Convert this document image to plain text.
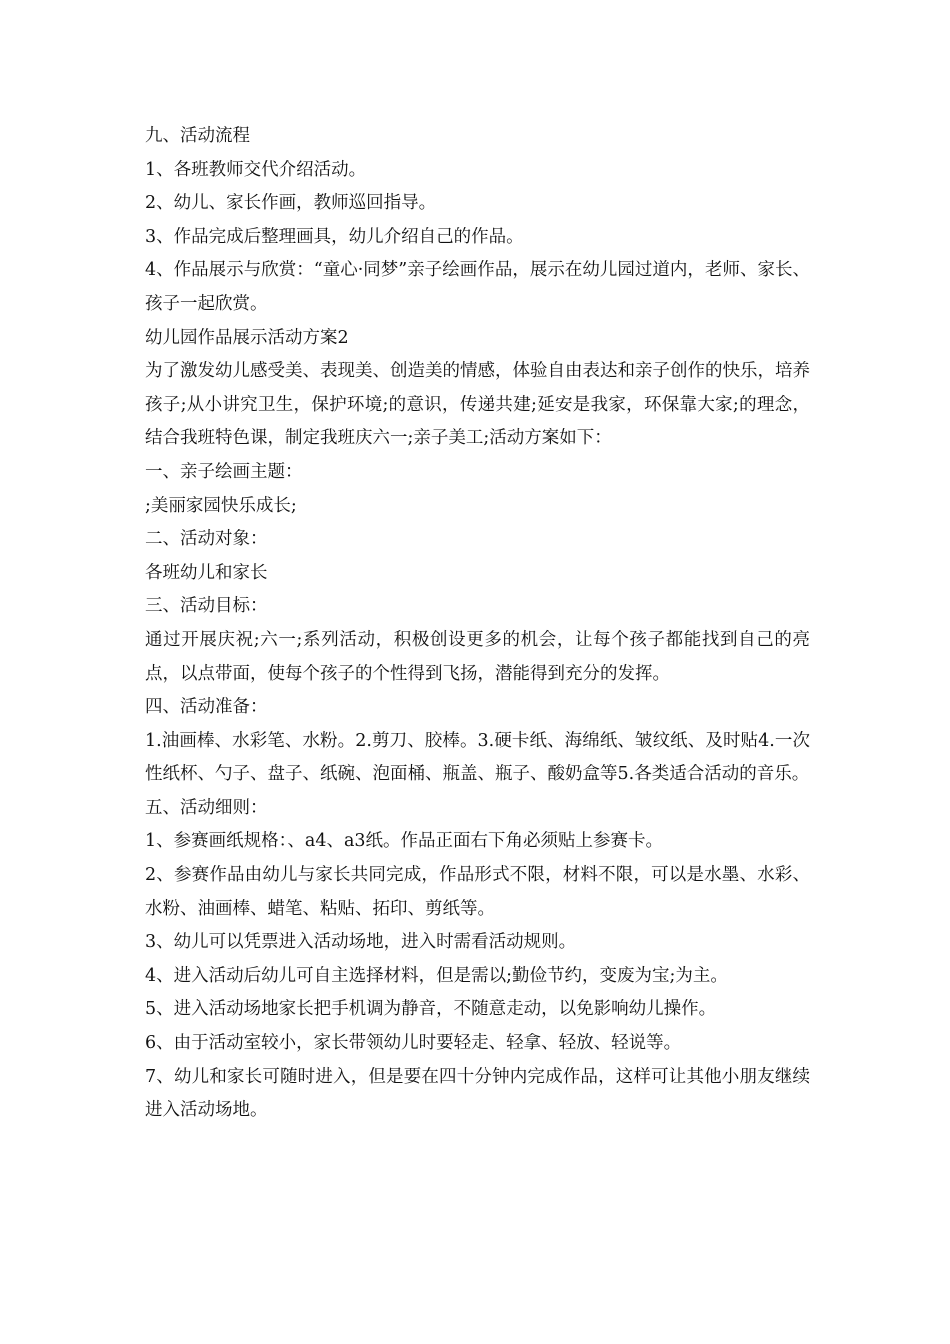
九、活动流程

1、各班教师交代介绍活动。

2、幼儿、家长作画，教师巡回指导。

3、作品完成后整理画具，幼儿介绍自己的作品。

4、作品展示与欣赏：“童心·同梦”亲子绘画作品，展示在幼儿园过道内，老师、家长、孩子一起欣赏。

幼儿园作品展示活动方案2

为了激发幼儿感受美、表现美、创造美的情感，体验自由表达和亲子创作的快乐，培养孩子;从小讲究卫生，保护环境;的意识，传递共建;延安是我家，环保靠大家;的理念，结合我班特色课，制定我班庆六一;亲子美工;活动方案如下：

一、亲子绘画主题：

;美丽家园快乐成长;

二、活动对象：

各班幼儿和家长

三、活动目标：

通过开展庆祝;六一;系列活动，积极创设更多的机会，让每个孩子都能找到自己的亮点，以点带面，使每个孩子的个性得到飞扬，潜能得到充分的发挥。

四、活动准备：

1.油画棒、水彩笔、水粉。2.剪刀、胶棒。3.硬卡纸、海绵纸、皱纹纸、及时贴4.一次性纸杯、勺子、盘子、纸碗、泡面桶、瓶盖、瓶子、酸奶盒等5.各类适合活动的音乐。

五、活动细则：

1、参赛画纸规格：、a4、a3纸。作品正面右下角必须贴上参赛卡。

2、参赛作品由幼儿与家长共同完成，作品形式不限，材料不限，可以是水墨、水彩、水粉、油画棒、蜡笔、粘贴、拓印、剪纸等。

3、幼儿可以凭票进入活动场地，进入时需看活动规则。

4、进入活动后幼儿可自主选择材料，但是需以;勤俭节约，变废为宝;为主。

5、进入活动场地家长把手机调为静音，不随意走动，以免影响幼儿操作。

6、由于活动室较小，家长带领幼儿时要轻走、轻拿、轻放、轻说等。

7、幼儿和家长可随时进入，但是要在四十分钟内完成作品，这样可让其他小朋友继续进入活动场地。
